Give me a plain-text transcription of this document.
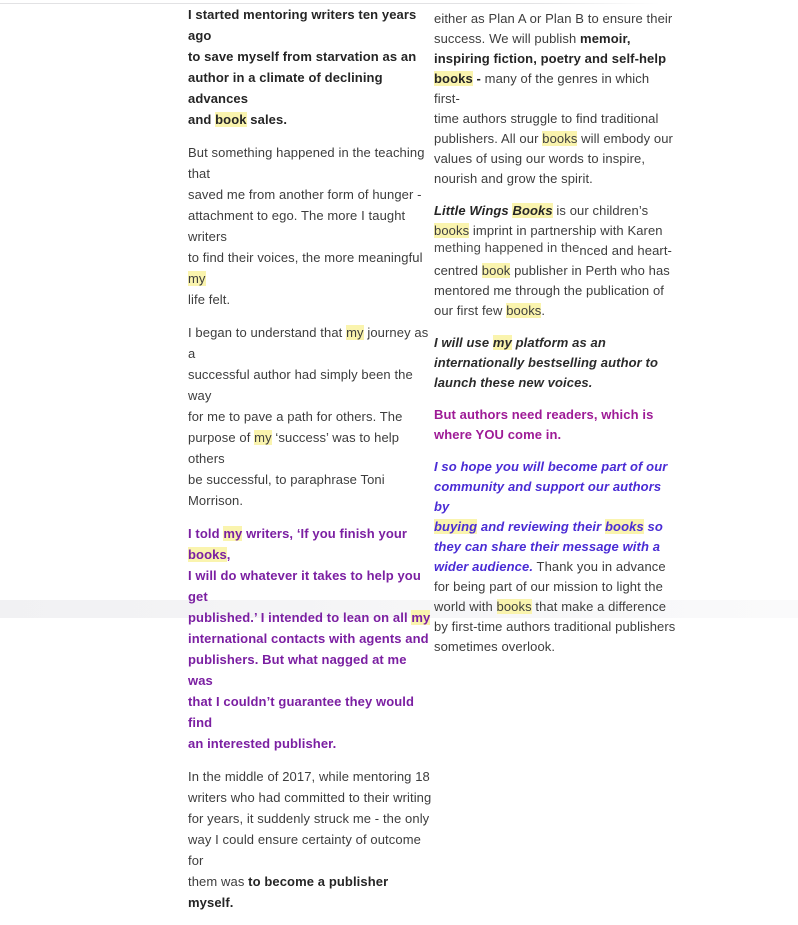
I started mentoring writers ten years ago
to save myself from starvation as an
author in a climate of declining advances
and book sales.

But something happened in the teaching that
saved me from another form of hunger -
attachment to ego. The more I taught writers
to find their voices, the more meaningful my
life felt.

I began to understand that my journey as a
successful author had simply been the way
for me to pave a path for others. The
purpose of my ‘success’ was to help others
be successful, to paraphrase Toni Morrison.

I told my writers, ‘If you finish your books,
I will do whatever it takes to help you get
published.’ I intended to lean on all my
international contacts with agents and
publishers. But what nagged at me was
that I couldn’t guarantee they would find
an interested publisher.

In the middle of 2017, while mentoring 18
writers who had committed to their writing
for years, it suddenly struck me - the only
way I could ensure certainty of outcome for
them was to become a publisher myself.

either as Plan A or Plan B to ensure their
success. We will publish memoir,
inspiring fiction, poetry and self-help
books - many of the genres in which first-
time authors struggle to find traditional
publishers. All our books will embody our
values of using our words to inspire,
nourish and grow the spirit.

Little Wings Books is our children’s
books imprint in partnership with Karen
mething happened in thenced and heart-
centred book publisher in Perth who has
mentored me through the publication of
our first few books.

I will use my platform as an
internationally bestselling author to
launch these new voices.

But authors need readers, which is
where YOU come in.

I so hope you will become part of our
community and support our authors by
buying and reviewing their books so
they can share their message with a
wider audience. Thank you in advance
for being part of our mission to light the
world with books that make a difference
by first-time authors traditional publishers
sometimes overlook.
